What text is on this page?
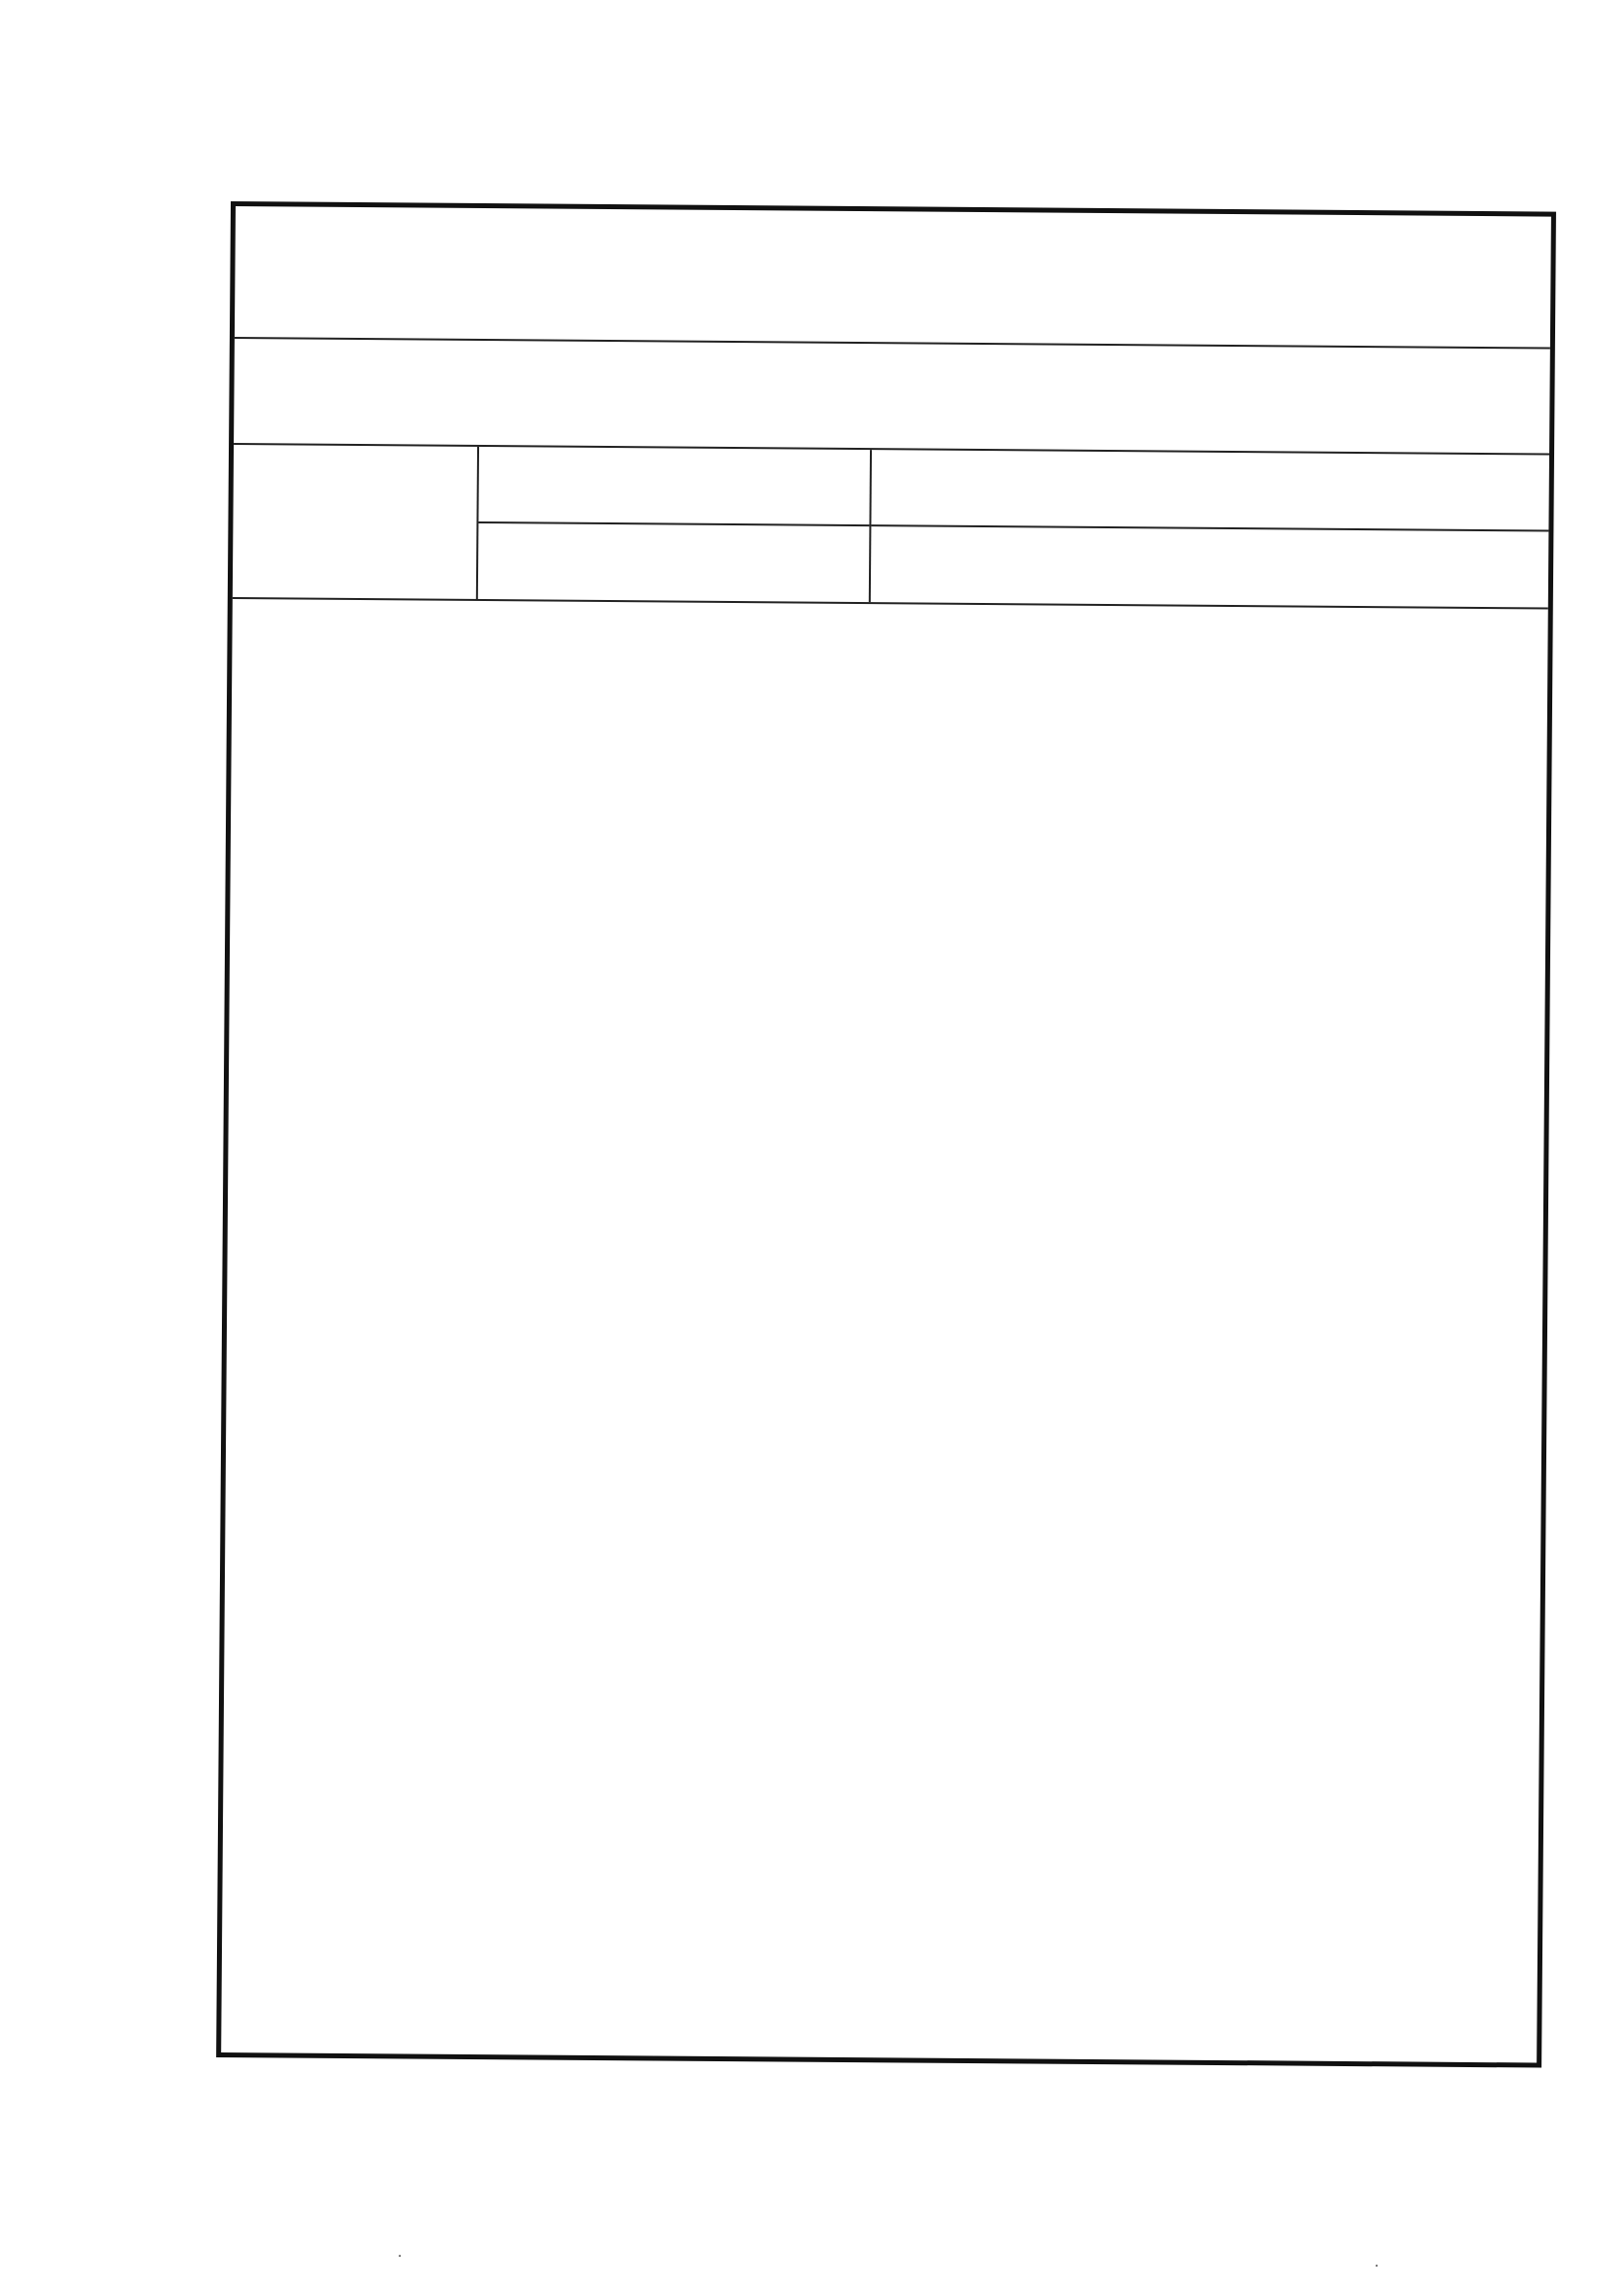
·
·
